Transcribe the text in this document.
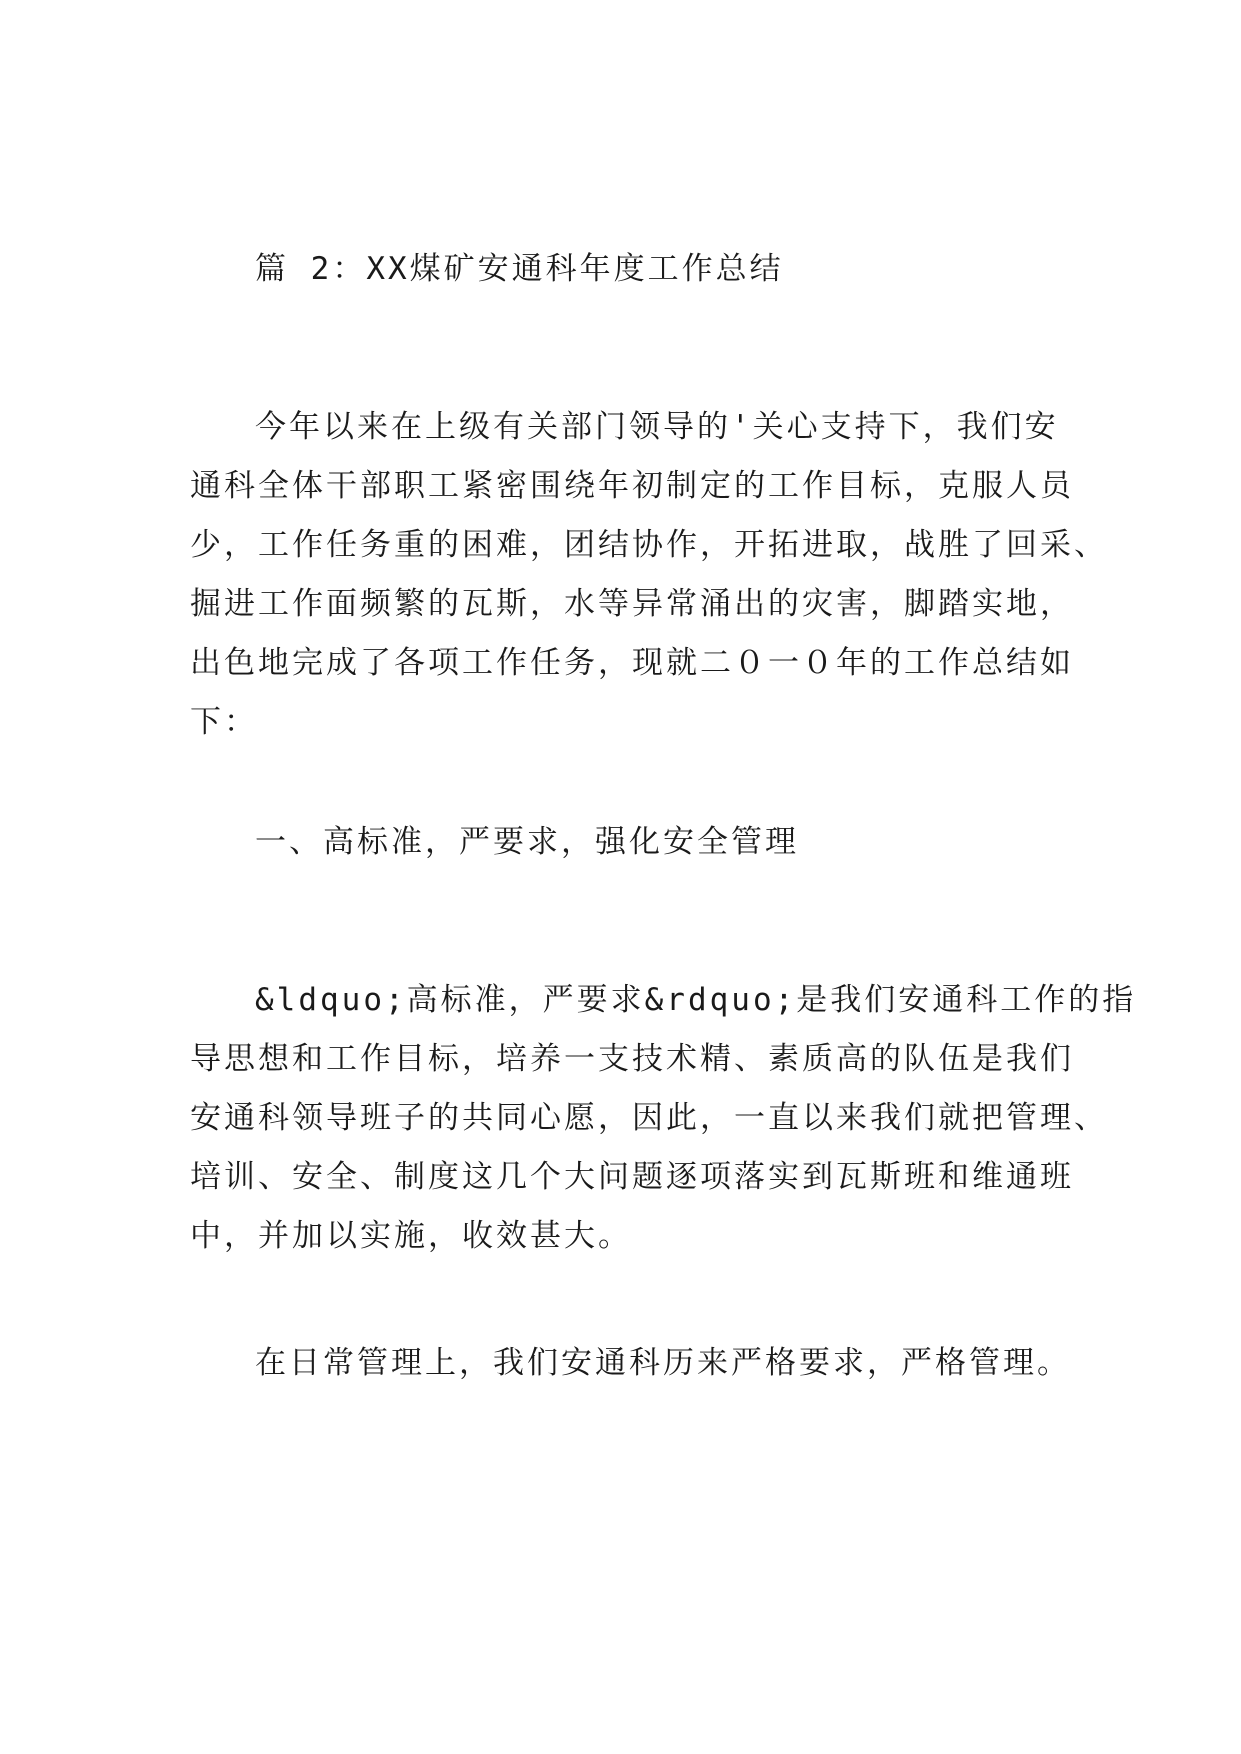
篇 2：XX煤矿安通科年度工作总结
今年以来在上级有关部门领导的'关心支持下，我们安
通科全体干部职工紧密围绕年初制定的工作目标，克服人员
少，工作任务重的困难，团结协作，开拓进取，战胜了回采、
掘进工作面频繁的瓦斯，水等异常涌出的灾害，脚踏实地，
出色地完成了各项工作任务，现就二０一０年的工作总结如
下：
一、高标准，严要求，强化安全管理
&ldquo;高标准，严要求&rdquo;是我们安通科工作的指
导思想和工作目标，培养一支技术精、素质高的队伍是我们
安通科领导班子的共同心愿，因此，一直以来我们就把管理、
培训、安全、制度这几个大问题逐项落实到瓦斯班和维通班
中，并加以实施，收效甚大。
在日常管理上，我们安通科历来严格要求，严格管理。
